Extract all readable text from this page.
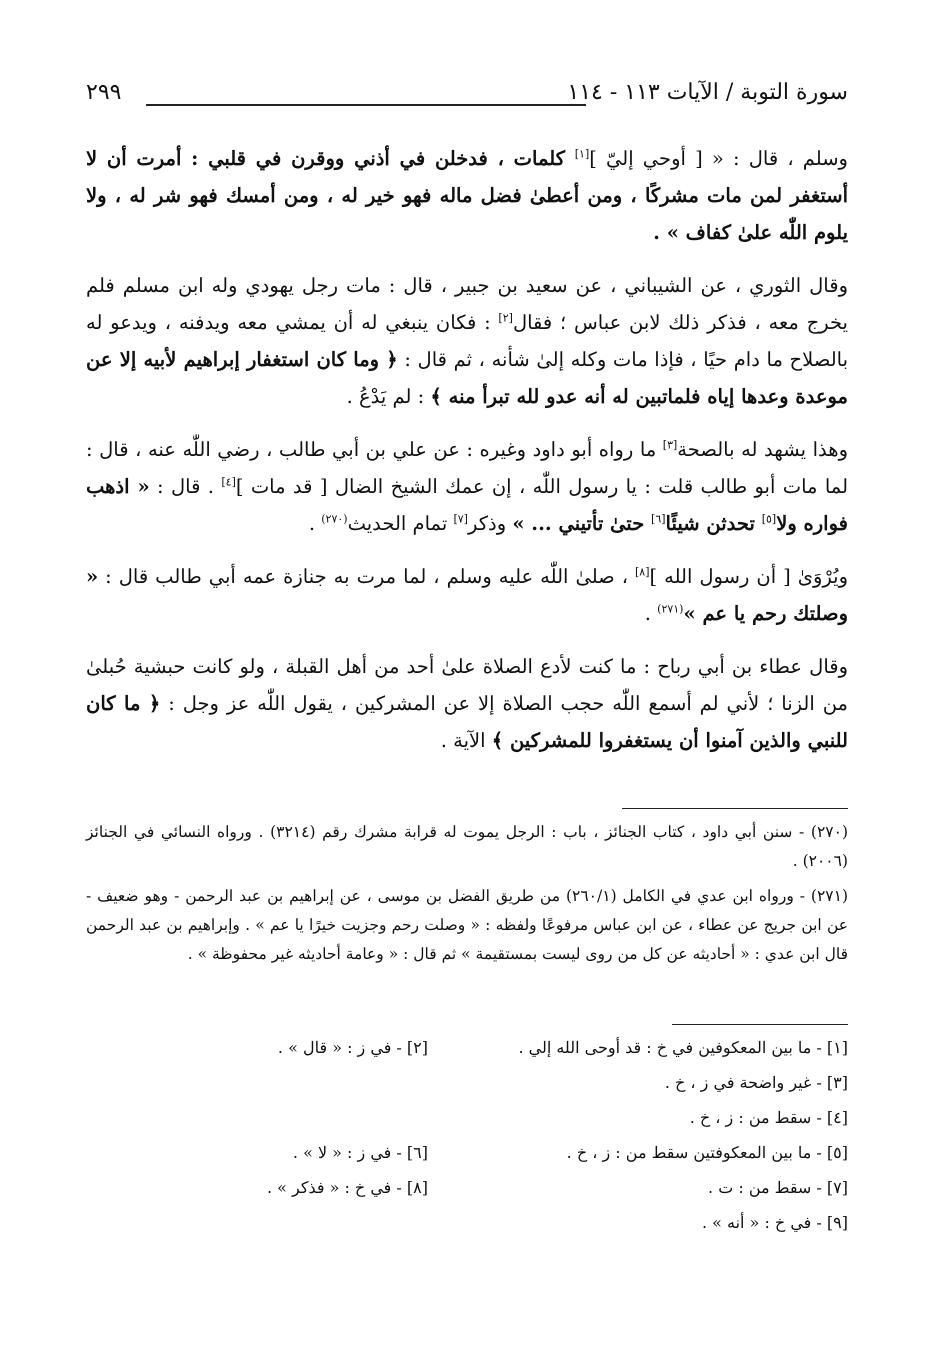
سورة التوبة / الآيات ١١٣ - ١١٤
٢٩٩

وسلم ، قال : « [ أوحي إليّ ][١] كلمات ، فدخلن في أذني ووقرن في قلبي : أمرت أن لا أستغفر لمن مات مشركًا ، ومن أعطىٰ فضل ماله فهو خير له ، ومن أمسك فهو شر له ، ولا يلوم اللّٰه علىٰ كفاف » .

وقال الثوري ، عن الشيباني ، عن سعيد بن جبير ، قال : مات رجل يهودي وله ابن مسلم فلم يخرج معه ، فذكر ذلك لابن عباس ؛ فقال[٢] : فكان ينبغي له أن يمشي معه ويدفنه ، ويدعو له بالصلاح ما دام حيًا ، فإذا مات وكله إلىٰ شأنه ، ثم قال : ﴿ وما كان استغفار إبراهيم لأبيه إلا عن موعدة وعدها إياه فلماتبين له أنه عدو لله تبرأ منه ﴾ : لم يَدْعُ .

وهذا يشهد له بالصحة[٣] ما رواه أبو داود وغيره : عن علي بن أبي طالب ، رضي اللّٰه عنه ، قال : لما مات أبو طالب قلت : يا رسول اللّٰه ، إن عمك الشيخ الضال [ قد مات ][٤] . قال : « اذهب فواره ولا[٥] تحدثن شيئًا[٦] حتىٰ تأتيني ... » وذكر[٧] تمام الحديث$^{(٢٧٠)}$ .

ويُرْوَىٰ [ أن رسول الله ][٨] ، صلىٰ اللّٰه عليه وسلم ، لما مرت به جنازة عمه أبي طالب قال : « وصلتك رحم يا عم »$^{(٢٧١)}$ .

وقال عطاء بن أبي رباح : ما كنت لأدع الصلاة علىٰ أحد من أهل القبلة ، ولو كانت حبشية حُبلىٰ من الزنا ؛ لأني لم أسمع اللّٰه حجب الصلاة إلا عن المشركين ، يقول اللّٰه عز وجل : ﴿ ما كان للنبي والذين آمنوا أن يستغفروا للمشركين ﴾ الآية .

(٢٧٠) - سنن أبي داود ، كتاب الجنائز ، باب : الرجل يموت له قرابة مشرك رقم (٣٢١٤) . ورواه النسائي في الجنائز (٢٠٠٦) .

(٢٧١) - ورواه ابن عدي في الكامل (٢٦٠/١) من طريق الفضل بن موسى ، عن إبراهيم بن عبد الرحمن - وهو ضعيف - عن ابن جريج عن عطاء ، عن ابن عباس مرفوعًا ولفظه : « وصلت رحم وجزيت خيرًا يا عم » . وإبراهيم بن عبد الرحمن قال ابن عدي : « أحاديثه عن كل من روى ليست بمستقيمة » ثم قال : « وعامة أحاديثه غير محفوظة » .

[١] - ما بين المعكوفين في خ : قد أوحى الله إلي .
[٢] - في ز : « قال » .
[٣] - غير واضحة في ز ، خ .
[٤] - سقط من : ز ، خ .
[٥] - ما بين المعكوفتين سقط من : ز ، خ .
[٦] - في ز : « لا » .
[٧] - سقط من : ت .
[٨] - في خ : « فذكر » .
[٩] - في خ : « أنه » .
